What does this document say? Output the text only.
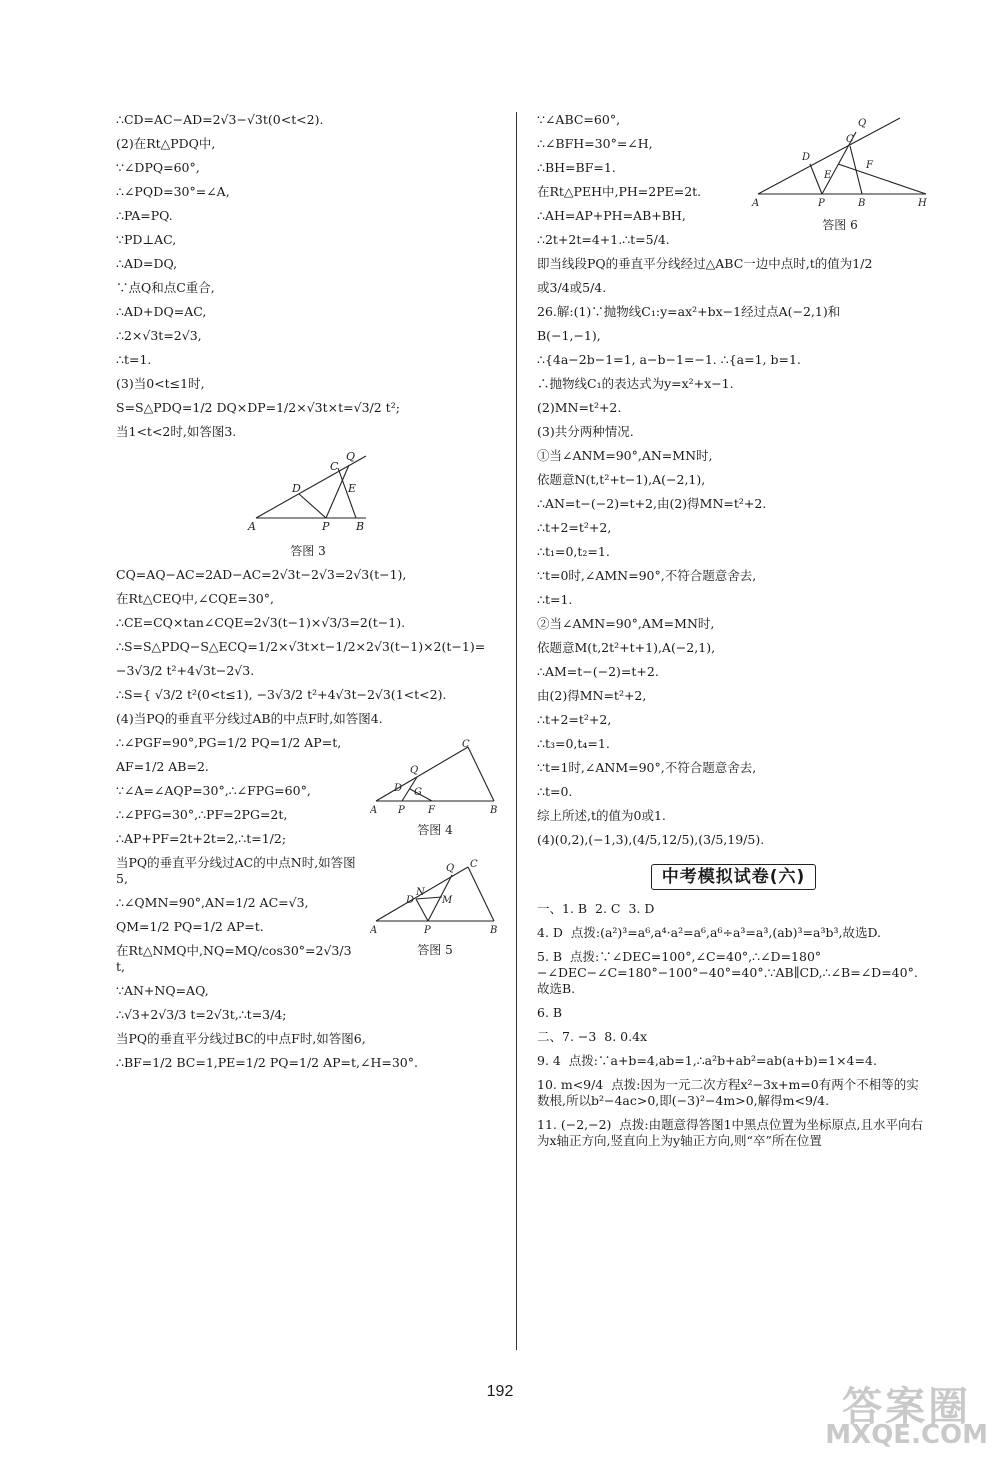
∴CD=AC−AD=2√3−√3t(0<t<2).
(2)在Rt△PDQ中,
∵∠DPQ=60°,
∴∠PQD=30°=∠A,
∴PA=PQ.
∵PD⊥AC,
∴AD=DQ,
∵点Q和点C重合,
∴AD+DQ=AC,
∴2×√3t=2√3,
∴t=1.
(3)当0<t≤1时,
S=S△PDQ=1/2 DQ×DP=1/2×√3t×t=√3/2 t²;
当1<t<2时,如答图3.
A	P B
D
C
Q
E
答图 3
CQ=AQ−AC=2AD−AC=2√3t−2√3=2√3(t−1),
在Rt△CEQ中,∠CQE=30°,
∴CE=CQ×tan∠CQE=2√3(t−1)×√3/3=2(t−1).
∴S=S△PDQ−S△ECQ=1/2×√3t×t−1/2×2√3(t−1)×2(t−1)=
−3√3/2 t²+4√3t−2√3.
∴S={ √3/2 t²(0<t≤1), −3√3/2 t²+4√3t−2√3(1<t<2).
(4)当PQ的垂直平分线过AB的中点F时,如答图4.
A P F	B
C
Q
D G
答图 4
∴∠PGF=90°,PG=1/2 PQ=1/2 AP=t,
AF=1/2 AB=2.
∵∠A=∠AQP=30°,∴∠FPG=60°,
∴∠PFG=30°,∴PF=2PG=2t,
∴AP+PF=2t+2t=2,∴t=1/2;
A	P	B
C
Q
D
N
M
答图 5
当PQ的垂直平分线过AC的中点N时,如答图5,
∴∠QMN=90°,AN=1/2 AC=√3,
QM=1/2 PQ=1/2 AP=t.
在Rt△NMQ中,NQ=MQ/cos30°=2√3/3 t,
∵AN+NQ=AQ,
∴√3+2√3/3 t=2√3t,∴t=3/4;
当PQ的垂直平分线过BC的中点F时,如答图6,
∴BF=1/2 BC=1,PE=1/2 PQ=1/2 AP=t,∠H=30°.
A	P	B	H
D
C
Q
E
F
答图 6
∵∠ABC=60°,
∴∠BFH=30°=∠H,
∴BH=BF=1.
在Rt△PEH中,PH=2PE=2t.
∴AH=AP+PH=AB+BH,
∴2t+2t=4+1.∴t=5/4.
即当线段PQ的垂直平分线经过△ABC一边中点时,t的值为1/2
或3/4或5/4.
26.解:(1)∵抛物线C₁:y=ax²+bx−1经过点A(−2,1)和
B(−1,−1),
∴{4a−2b−1=1, a−b−1=−1. ∴{a=1, b=1.
∴抛物线C₁的表达式为y=x²+x−1.
(2)MN=t²+2.
(3)共分两种情况.
①当∠ANM=90°,AN=MN时,
依题意N(t,t²+t−1),A(−2,1),
∴AN=t−(−2)=t+2,由(2)得MN=t²+2.
∴t+2=t²+2,
∴t₁=0,t₂=1.
∵t=0时,∠AMN=90°,不符合题意舍去,
∴t=1.
②当∠AMN=90°,AM=MN时,
依题意M(t,2t²+t+1),A(−2,1),
∴AM=t−(−2)=t+2.
由(2)得MN=t²+2,
∴t+2=t²+2,
∴t₃=0,t₄=1.
∵t=1时,∠ANM=90°,不符合题意舍去,
∴t=0.
综上所述,t的值为0或1.
(4)(0,2),(−1,3),(4/5,12/5),(3/5,19/5).
中考模拟试卷(六)
一、1. B  2. C  3. D
4. D  点拨:(a²)³=a⁶,a⁴·a²=a⁶,a⁶÷a³=a³,(ab)³=a³b³,故选D.
5. B  点拨:∵∠DEC=100°,∠C=40°,∴∠D=180°−∠DEC−∠C=180°−100°−40°=40°.∵AB∥CD,∴∠B=∠D=40°.故选B.
6. B
二、7. −3  8. 0.4x
9. 4  点拨:∵a+b=4,ab=1,∴a²b+ab²=ab(a+b)=1×4=4.
10. m<9/4  点拨:因为一元二次方程x²−3x+m=0有两个不相等的实数根,所以b²−4ac>0,即(−3)²−4m>0,解得m<9/4.
11. (−2,−2)  点拨:由题意得答图1中黑点位置为坐标原点,且水平向右为x轴正方向,竖直向上为y轴正方向,则“卒”所在位置
192	答案圈
MXQE.COM
